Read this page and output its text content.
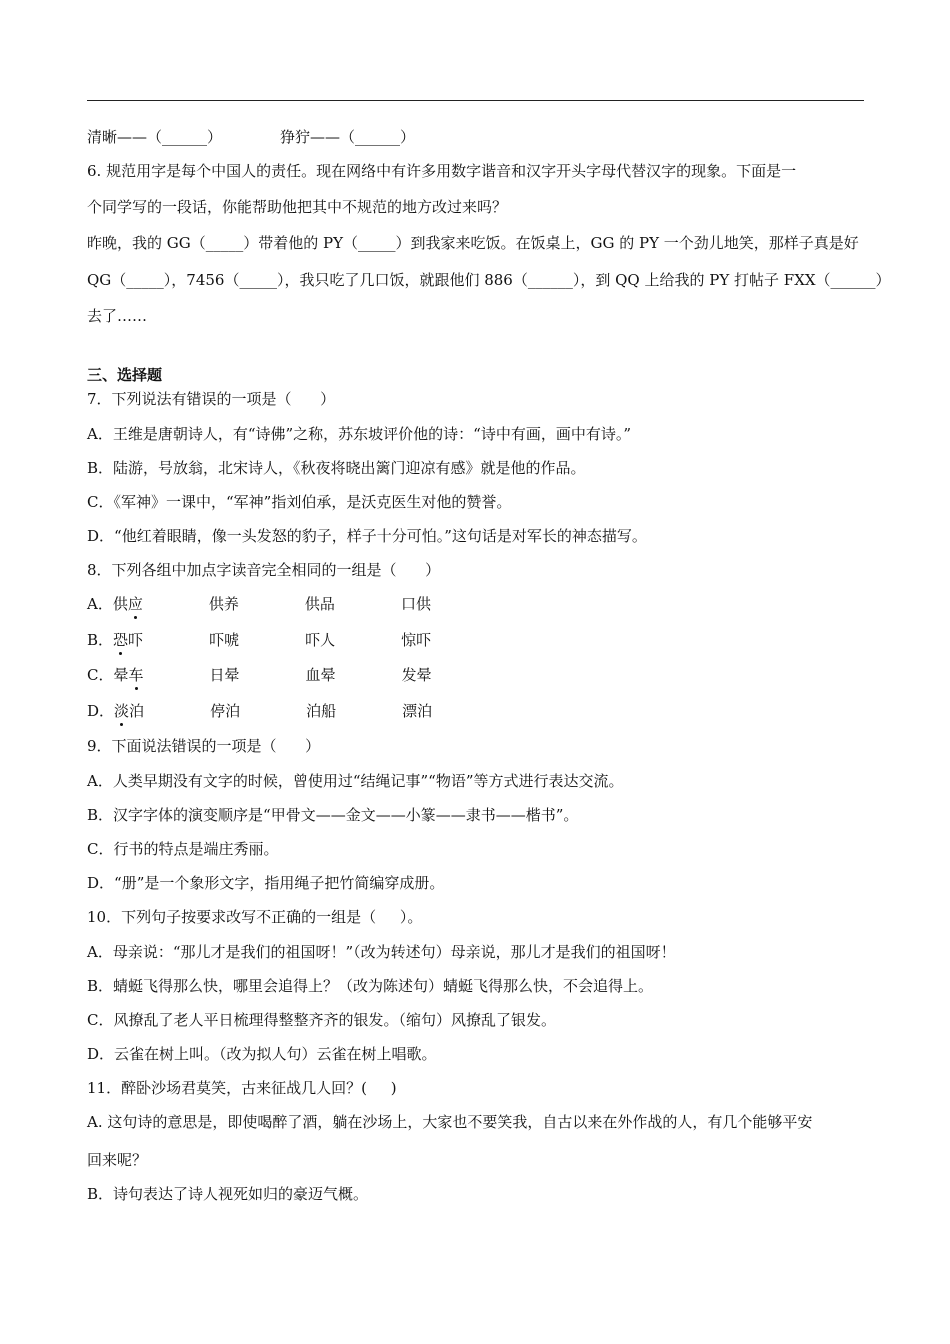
清晰——（______）	狰狞——（______）
6. 规范用字是每个中国人的责任。现在网络中有许多用数字谐音和汉字开头字母代替汉字的现象。下面是一
个同学写的一段话，你能帮助他把其中不规范的地方改过来吗？
昨晚，我的 GG（_____）带着他的 PY（_____）到我家来吃饭。在饭桌上，GG 的 PY 一个劲儿地笑，那样子真是好
QG（_____），7456（_____），我只吃了几口饭，就跟他们 886（______），到 QQ 上给我的 PY 打帖子 FXX（______）
去了……
三、选择题
7．下列说法有错误的一项是（      ）
A．王维是唐朝诗人，有“诗佛”之称，苏东坡评价他的诗：“诗中有画，画中有诗。”
B．陆游，号放翁，北宋诗人，《秋夜将晓出篱门迎凉有感》就是他的作品。
C．《军神》一课中，“军神”指刘伯承，是沃克医生对他的赞誉。
D．“他红着眼睛，像一头发怒的豹子，样子十分可怕。”这句话是对军长的神态描写。
8．下列各组中加点字读音完全相同的一组是（      ）
A．供应	供养	供品	口供
B．恐吓	吓唬	吓人	惊吓
C．晕车	日晕	血晕	发晕
D．淡泊	停泊	泊船	漂泊
9．下面说法错误的一项是（      ）
A．人类早期没有文字的时候，曾使用过“结绳记事”“物语”等方式进行表达交流。
B．汉字字体的演变顺序是“甲骨文——金文——小篆——隶书——楷书”。
C．行书的特点是端庄秀丽。
D．“册”是一个象形文字，指用绳子把竹简编穿成册。
10．下列句子按要求改写不正确的一组是（     ）。
A．母亲说：“那儿才是我们的祖国呀！”（改为转述句）母亲说，那儿才是我们的祖国呀！
B．蜻蜓飞得那么快，哪里会追得上？（改为陈述句）蜻蜓飞得那么快，不会追得上。
C．风撩乱了老人平日梳理得整整齐齐的银发。（缩句）风撩乱了银发。
D．云雀在树上叫。（改为拟人句）云雀在树上唱歌。
11．醉卧沙场君莫笑，古来征战几人回？(     )
A. 这句诗的意思是，即使喝醉了酒，躺在沙场上，大家也不要笑我，自古以来在外作战的人，有几个能够平安
回来呢？
B．诗句表达了诗人视死如归的豪迈气概。
